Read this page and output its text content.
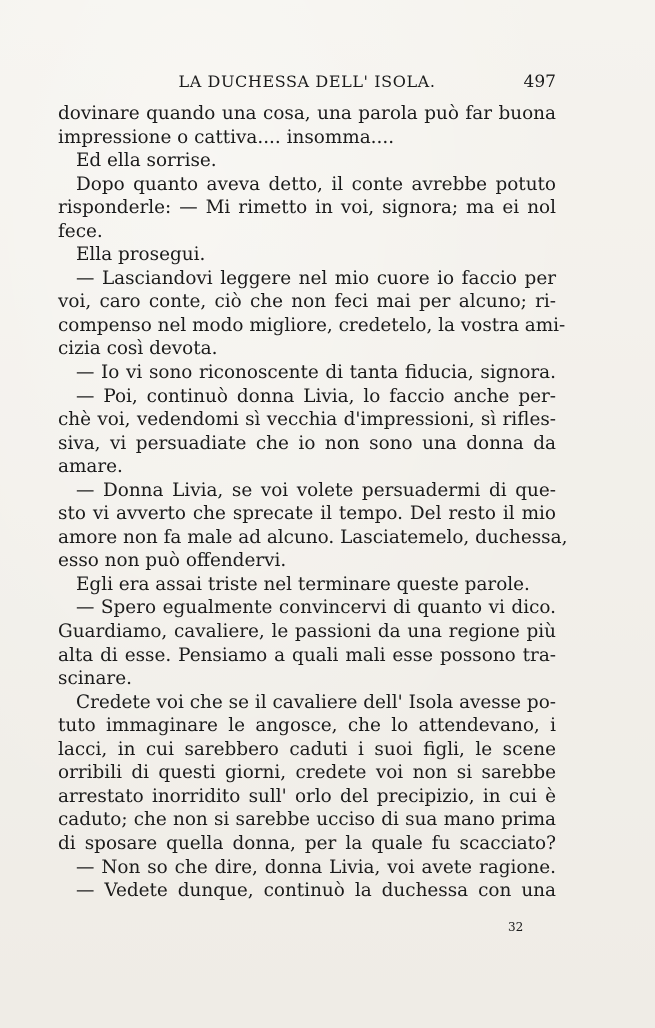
LA DUCHESSA DELL' ISOLA.	497
dovinare quando una cosa, una parola può far buona
impressione o cattiva.... insomma....
Ed ella sorrise.
Dopo quanto aveva detto, il conte avrebbe potuto
risponderle: — Mi rimetto in voi, signora; ma ei nol
fece.
Ella prosegui.
— Lasciandovi leggere nel mio cuore io faccio per
voi, caro conte, ciò che non feci mai per alcuno; ri-
compenso nel modo migliore, credetelo, la vostra ami-
cizia così devota.
— Io vi sono riconoscente di tanta fiducia, signora.
— Poi, continuò donna Livia, lo faccio anche per-
chè voi, vedendomi sì vecchia d'impressioni, sì rifles-
siva, vi persuadiate che io non sono una donna da
amare.
— Donna Livia, se voi volete persuadermi di que-
sto vi avverto che sprecate il tempo. Del resto il mio
amore non fa male ad alcuno. Lasciatemelo, duchessa,
esso non può offendervi.
Egli era assai triste nel terminare queste parole.
— Spero egualmente convincervi di quanto vi dico.
Guardiamo, cavaliere, le passioni da una regione più
alta di esse. Pensiamo a quali mali esse possono tra-
scinare.
Credete voi che se il cavaliere dell' Isola avesse po-
tuto immaginare le angosce, che lo attendevano, i
lacci, in cui sarebbero caduti i suoi figli, le scene
orribili di questi giorni, credete voi non si sarebbe
arrestato inorridito sull' orlo del precipizio, in cui è
caduto; che non si sarebbe ucciso di sua mano prima
di sposare quella donna, per la quale fu scacciato?
— Non so che dire, donna Livia, voi avete ragione.
— Vedete dunque, continuò la duchessa con una
32
